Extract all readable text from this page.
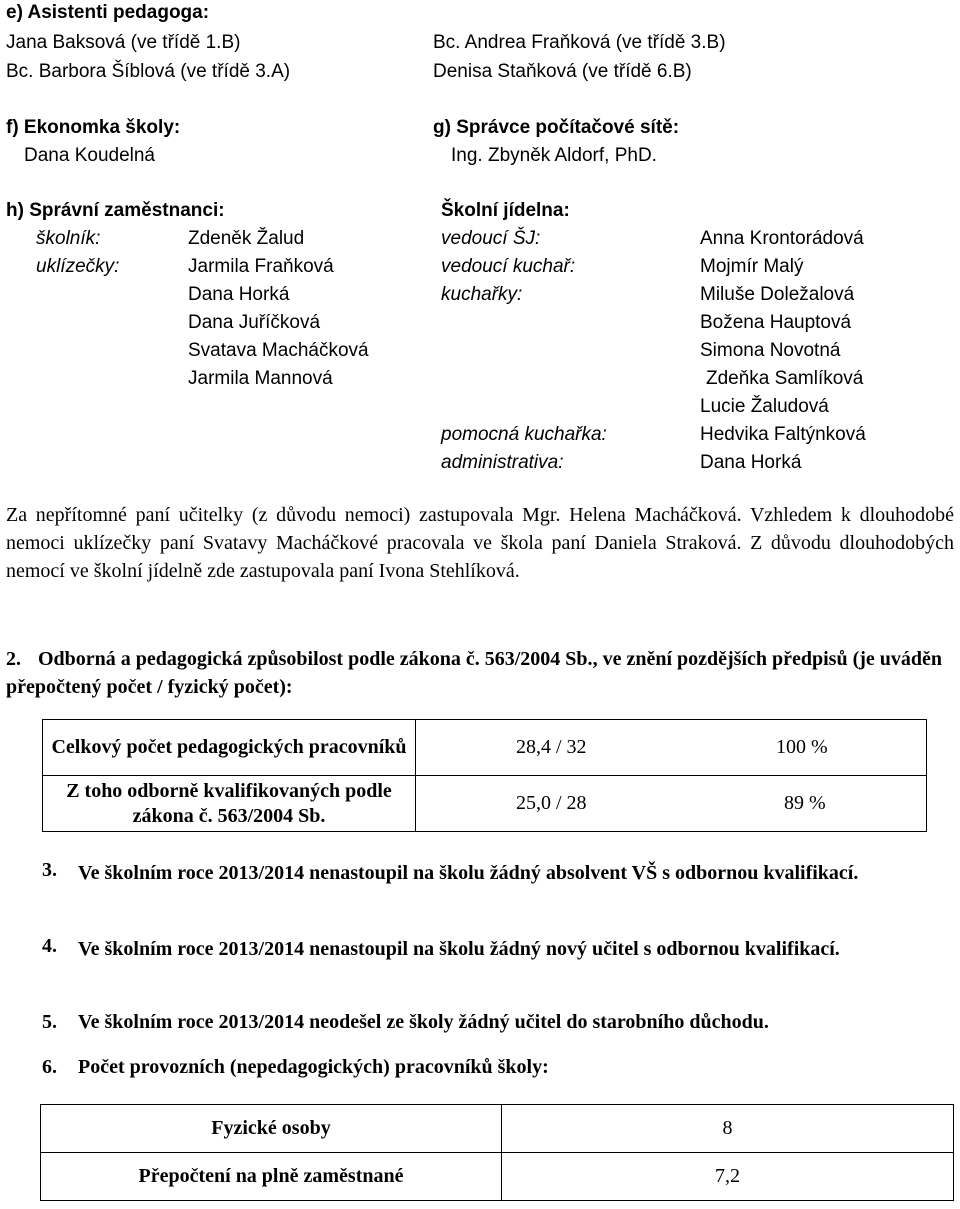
e) Asistenti pedagoga:
Jana Baksová (ve třídě 1.B)
Bc. Barbora Šíblová (ve třídě 3.A)
Bc. Andrea Fraňková (ve třídě 3.B)
Denisa Staňková (ve třídě 6.B)
f) Ekonomka školy:
Dana Koudelná
g) Správce počítačové sítě:
Ing. Zbyněk Aldorf, PhD.
h) Správní zaměstnanci:
školník:	Zdeněk Žalud
uklízečky:	Jarmila Fraňková
Dana Horká
Dana Juříčková
Svatava Macháčková
Jarmila Mannová
Školní jídelna:
vedoucí ŠJ:	Anna Krontorádová
vedoucí kuchař:	Mojmír Malý
kuchařky:	Miluše Doležalová
Božena Hauptová
Simona Novotná
Zdeňka Samlíková
Lucie Žaludová
pomocná kuchařka:	Hedvika Faltýnková
administrativa:	Dana Horká
Za nepřítomné paní učitelky (z důvodu nemoci) zastupovala Mgr. Helena Macháčková. Vzhledem k dlouhodobé nemoci uklízečky paní Svatavy Macháčkové pracovala ve škola paní Daniela Straková. Z důvodu dlouhodobých nemocí ve školní jídelně zde zastupovala paní Ivona Stehlíková.
2. Odborná a pedagogická způsobilost podle zákona č. 563/2004 Sb., ve znění pozdějších předpisů (je uváděn přepočtený počet / fyzický počet):
Celkový počet pedagogických pracovníků	28,4 / 32	100 %
Z toho odborně kvalifikovaných podle zákona č. 563/2004 Sb.	25,0 / 28	89 %
3. Ve školním roce 2013/2014 nenastoupil na školu žádný absolvent VŠ s odbornou kvalifikací.
4. Ve školním roce 2013/2014 nenastoupil na školu žádný nový učitel s odbornou kvalifikací.
5. Ve školním roce 2013/2014 neodešel ze školy žádný učitel do starobního důchodu.
6. Počet provozních (nepedagogických) pracovníků školy:
Fyzické osoby	8
Přepočtení na plně zaměstnané	7,2
